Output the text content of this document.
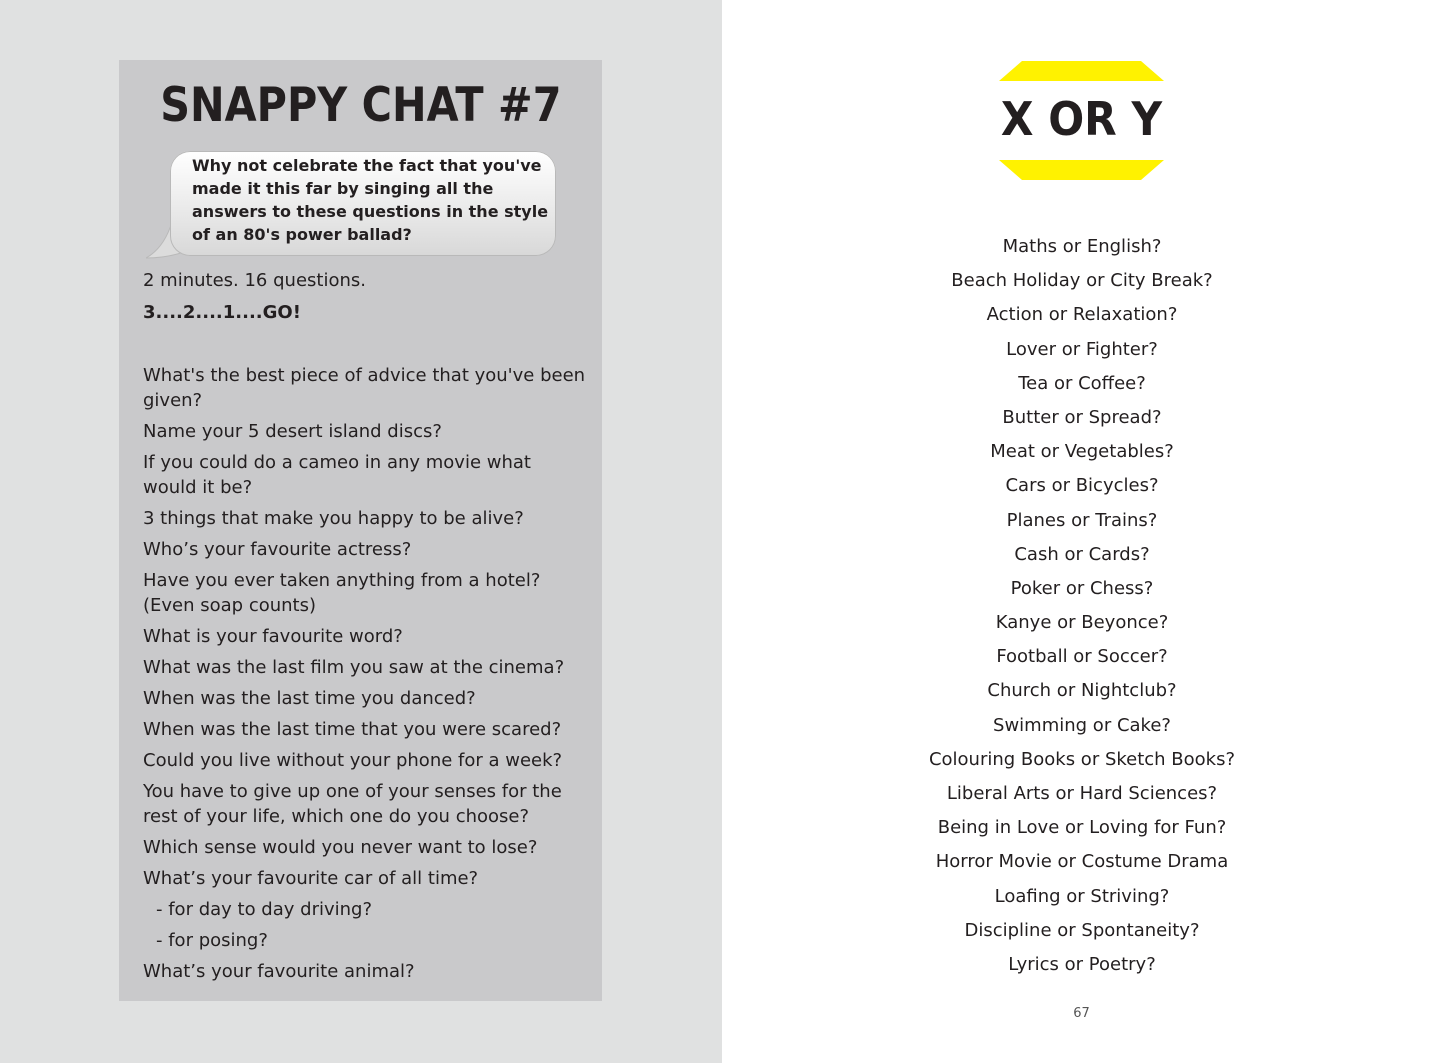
SNAPPY CHAT #7

Why not celebrate the fact that you've made it this far by singing all the answers to these questions in the style of an 80's power ballad?

2 minutes. 16 questions.

3....2....1....GO!

What's the best piece of advice that you've been given?
Name your 5 desert island discs?
If you could do a cameo in any movie what would it be?
3 things that make you happy to be alive?
Who’s your favourite actress?
Have you ever taken anything from a hotel? (Even soap counts)
What is your favourite word?
What was the last film you saw at the cinema?
When was the last time you danced?
When was the last time that you were scared?
Could you live without your phone for a week?
You have to give up one of your senses for the rest of your life, which one do you choose?
Which sense would you never want to lose?
What’s your favourite car of all time?
- for day to day driving?
- for posing?
What’s your favourite animal?
X OR Y
Maths or English?
Beach Holiday or City Break?
Action or Relaxation?
Lover or Fighter?
Tea or Coffee?
Butter or Spread?
Meat or Vegetables?
Cars or Bicycles?
Planes or Trains?
Cash or Cards?
Poker or Chess?
Kanye or Beyonce?
Football or Soccer?
Church or Nightclub?
Swimming or Cake?
Colouring Books or Sketch Books?
Liberal Arts or Hard Sciences?
Being in Love or Loving for Fun?
Horror Movie or Costume Drama
Loafing or Striving?
Discipline or Spontaneity?
Lyrics or Poetry?

67
